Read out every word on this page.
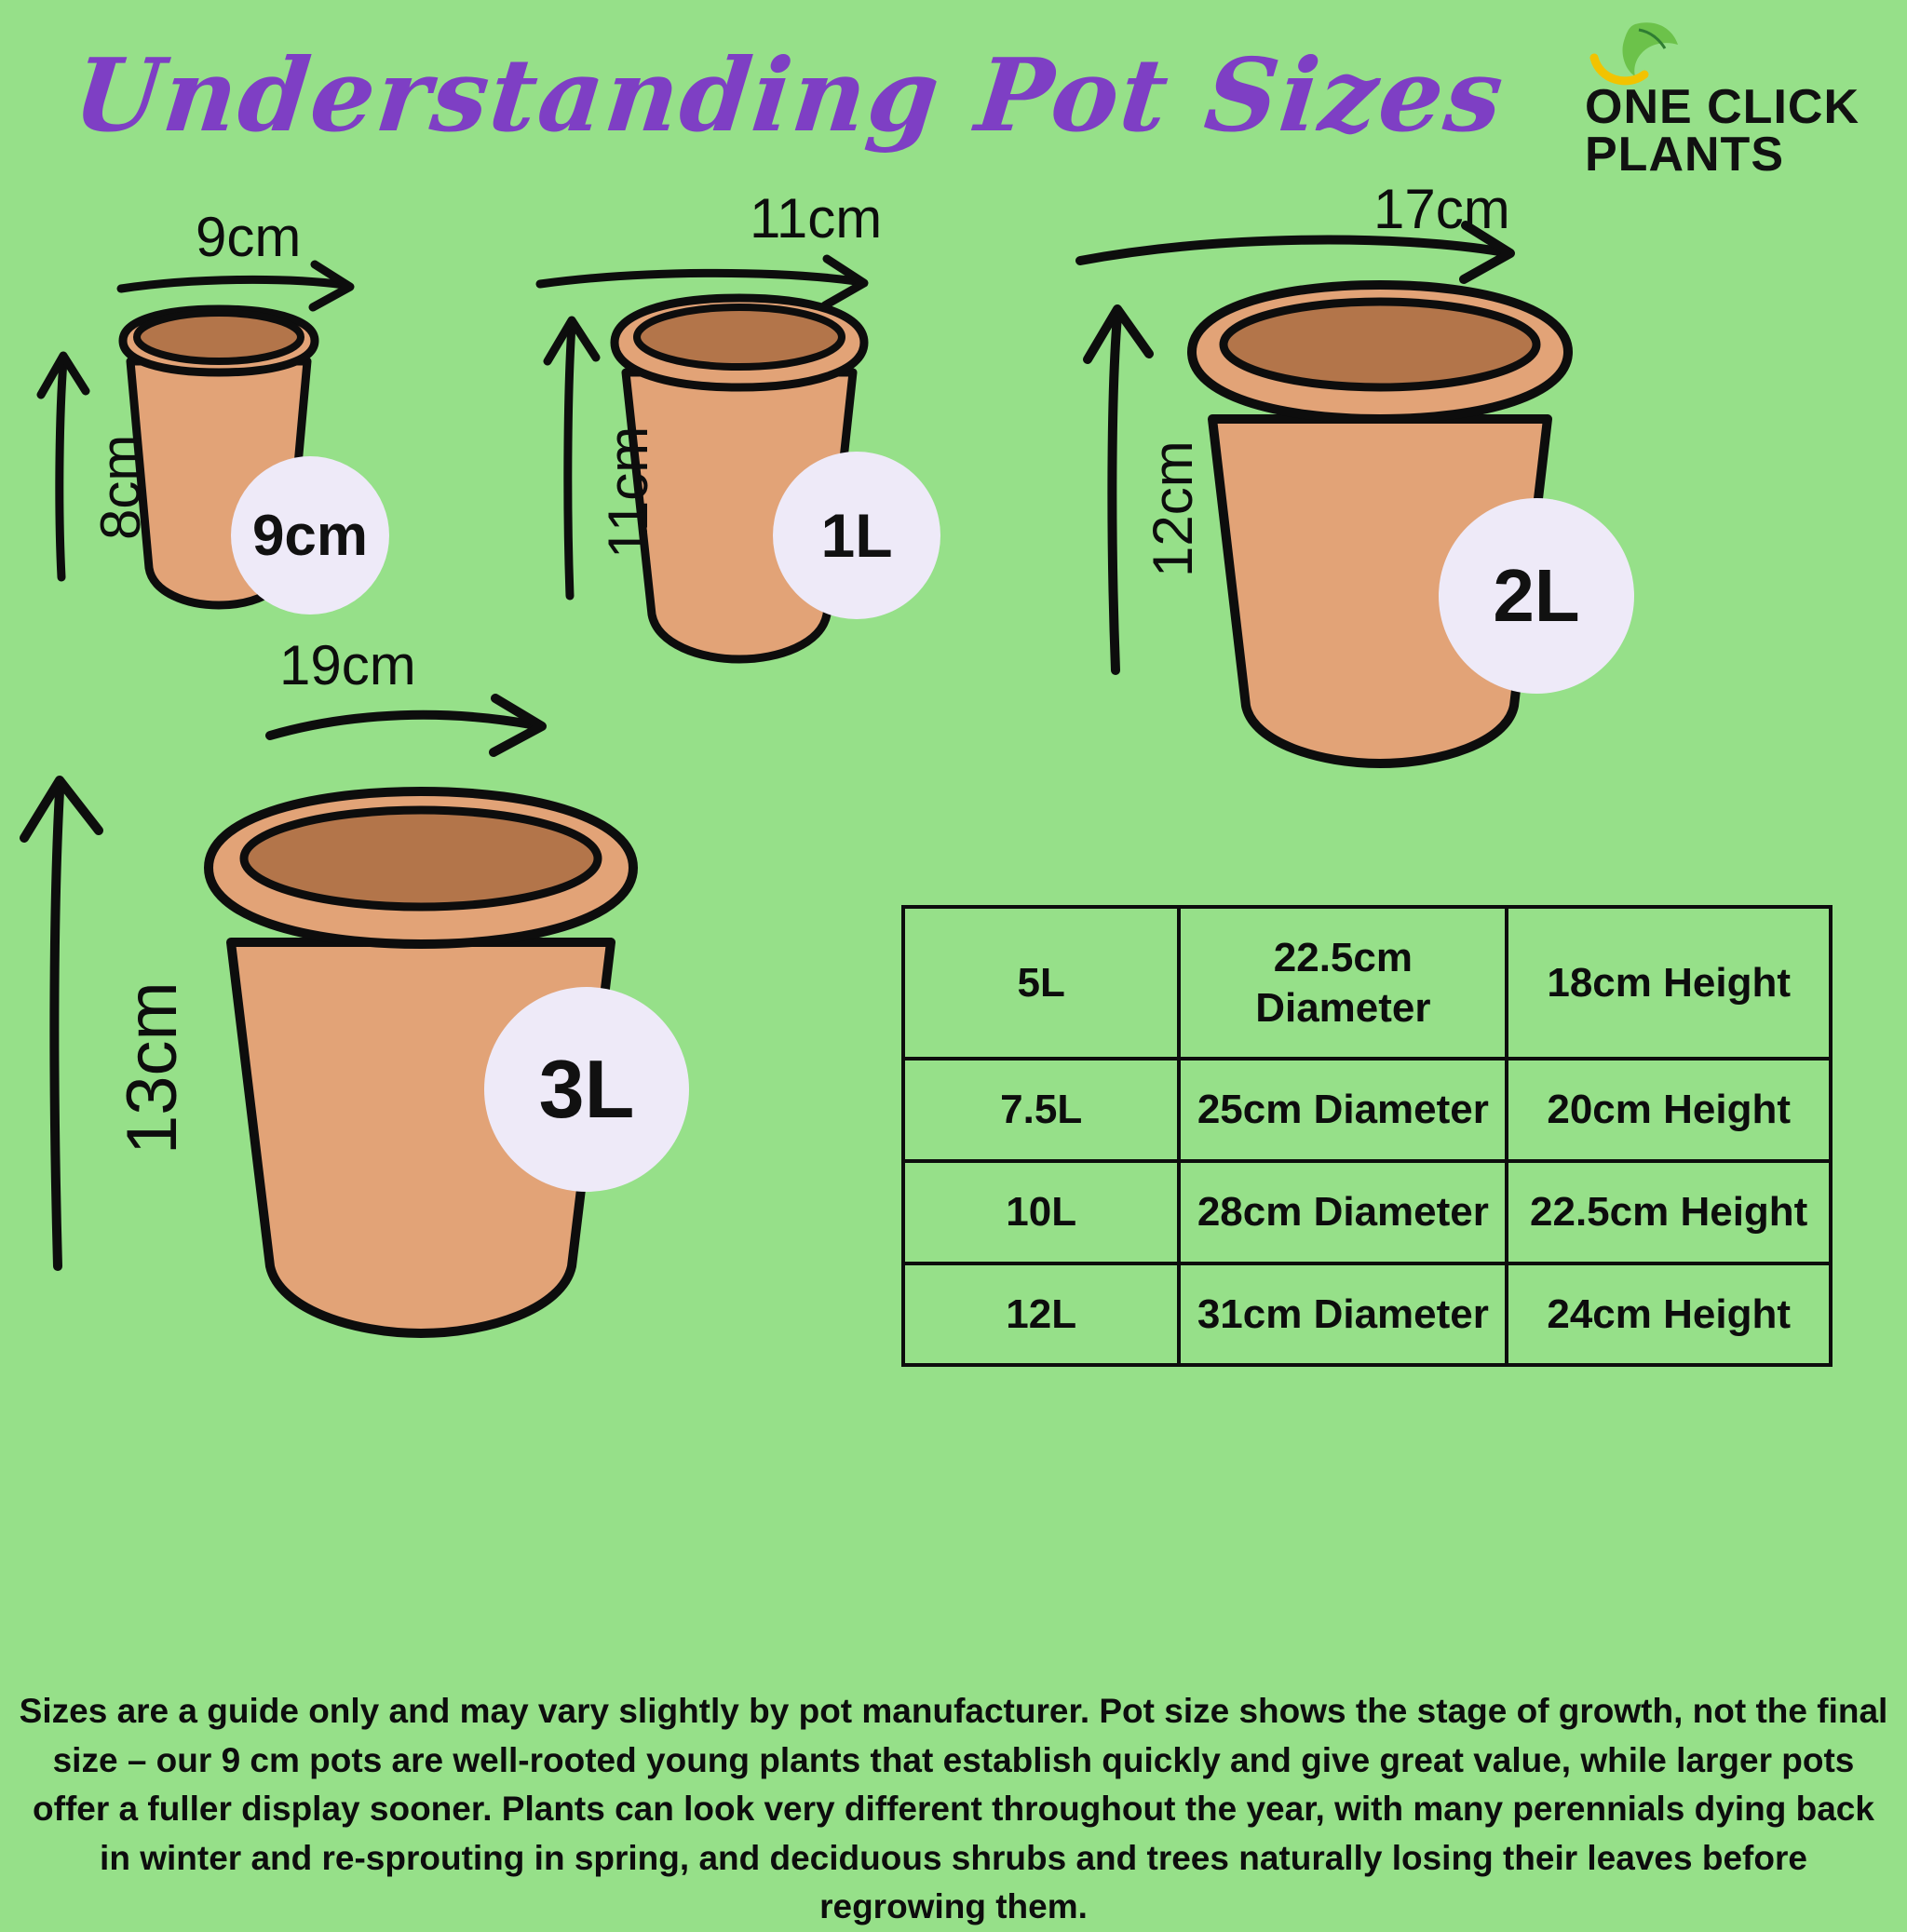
Understanding Pot Sizes ONE CLICK
PLANTS
9cm
8cm	9cm
11cm
11cm	1L
17cm
12cm
2L
19cm
13cm	3L
5L	22.5cm Diameter	18cm Height
7.5L	25cm Diameter	20cm Height
10L	28cm Diameter	22.5cm Height
12L	31cm Diameter	24cm Height
Sizes are a guide only and may vary slightly by pot manufacturer. Pot size shows the stage of growth, not the final size – our 9 cm pots are well-rooted young plants that establish quickly and give great value, while larger pots offer a fuller display sooner. Plants can look very different throughout the year, with many perennials dying back in winter and re-sprouting in spring, and deciduous shrubs and trees naturally losing their leaves before regrowing them.
